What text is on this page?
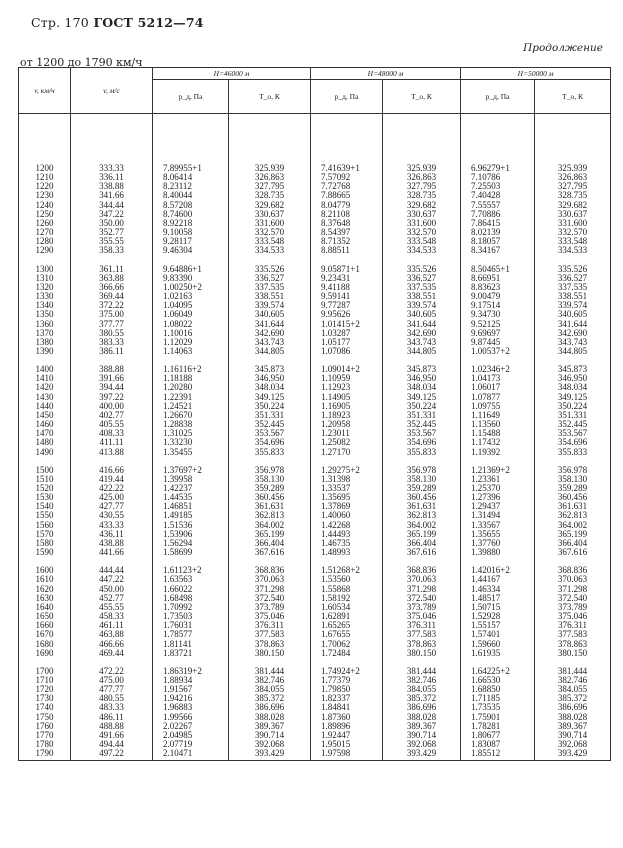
Стр. 170 ГОСТ 5212—74
Продолжение
от 1200 до 1790 км/ч
v, км/ч	v, м/с	H=46000 м		H=48000 м		H=50000 м	
		p_д, Па	T_о, К	p_д, Па	T_о, К	p_д, Па	T_о, К
1200	333.33	7.89955+1	325.939	7.41639+1	325.939	6.96279+1	325.939
1210	336.11	8.06414	326.863	7.57092	326.863	7.10786	326.863
1220	338.88	8.23112	327.795	7.72768	327.795	7.25503	327.795
1230	341.66	8.40044	328.735	7.88665	328.735	7.40428	328.735
1240	344.44	8.57208	329.682	8.04779	329.682	7.55557	329.682
1250	347.22	8.74600	330.637	8.21108	330.637	7.70886	330.637
1260	350.00	8.92218	331.600	8.37648	331.600	7.86415	331.600
1270	352.77	9.10058	332.570	8.54397	332.570	8.02139	332.570
1280	355.55	9.28117	333.548	8.71352	333.548	8.18057	333.548
1290	358.33	9.46304	334.533	8.88511	334.533	8.34167	334.533
1300	361.11	9.64886+1	335.526	9.05871+1	335.526	8.50465+1	335.526
1310	363.88	9.83390	336.527	9.23431	336.527	8.66951	336.527
1320	366.66	1.00250+2	337.535	9.41188	337.535	8.83623	337.535
1330	369.44	1.02163	338.551	9.59141	338.551	9.00479	338.551
1340	372.22	1.04095	339.574	9.77287	339.574	9.17514	339.574
1350	375.00	1.06049	340.605	9.95626	340.605	9.34730	340.605
1360	377.77	1.08022	341.644	1.01415+2	341.644	9.52125	341.644
1370	380.55	1.10016	342.690	1.03287	342.690	9.69697	342.690
1380	383.33	1.12029	343.743	1.05177	343.743	9.87445	343.743
1390	386.11	1.14063	344.805	1.07086	344.805	1.00537+2	344.805
1400	388.88	1.16116+2	345.873	1.09014+2	345.873	1.02346+2	345.873
1410	391.66	1.18188	346.950	1.10959	346.950	1.04173	346.950
1420	394.44	1.20280	348.034	1.12923	348.034	1.06017	348.034
1430	397.22	1.22391	349.125	1.14905	349.125	1.07877	349.125
1440	400.00	1.24521	350.224	1.16905	350.224	1.09755	350.224
1450	402.77	1.26670	351.331	1.18923	351.331	1.11649	351.331
1460	405.55	1.28838	352.445	1.20958	352.445	1.13560	352.445
1470	408.33	1.31025	353.567	1.23011	353.567	1.15488	353.567
1480	411.11	1.33230	354.696	1.25082	354.696	1.17432	354.696
1490	413.88	1.35455	355.833	1.27170	355.833	1.19392	355.833
1500	416.66	1.37697+2	356.978	1.29275+2	356.978	1.21369+2	356.978
1510	419.44	1.39958	358.130	1.31398	358.130	1.23361	358.130
1520	422.22	1.42237	359.289	1.33537	359.289	1.25370	359.289
1530	425.00	1.44535	360.456	1.35695	360.456	1.27396	360.456
1540	427.77	1.46851	361.631	1.37869	361.631	1.29437	361.631
1550	430.55	1.49185	362.813	1.40060	362.813	1.31494	362.813
1560	433.33	1.51536	364.002	1.42268	364.002	1.33567	364.002
1570	436.11	1.53906	365.199	1.44493	365.199	1.35655	365.199
1580	438.88	1.56294	366.404	1.46735	366.404	1.37760	366.404
1590	441.66	1.58699	367.616	1.48993	367.616	1.39880	367.616
1600	444.44	1.61123+2	368.836	1.51268+2	368.836	1.42016+2	368.836
1610	447.22	1.63563	370.063	1.53560	370.063	1.44167	370.063
1620	450.00	1.66022	371.298	1.55868	371.298	1.46334	371.298
1630	452.77	1.68498	372.540	1.58192	372.540	1.48517	372.540
1640	455.55	1.70992	373.789	1.60534	373.789	1.50715	373.789
1650	458.33	1.73503	375.046	1.62891	375.046	1.52928	375.046
1660	461.11	1.76031	376.311	1.65265	376.311	1.55157	376.311
1670	463.88	1.78577	377.583	1.67655	377.583	1.57401	377.583
1680	466.66	1.81141	378.863	1.70062	378.863	1.59660	378.863
1690	469.44	1.83721	380.150	1.72484	380.150	1.61935	380.150
1700	472.22	1.86319+2	381.444	1.74924+2	381.444	1.64225+2	381.444
1710	475.00	1.88934	382.746	1.77379	382.746	1.66530	382.746
1720	477.77	1.91567	384.055	1.79850	384.055	1.68850	384.055
1730	480.55	1.94216	385.372	1.82337	385.372	1.71185	385.372
1740	483.33	1.96883	386.696	1.84841	386.696	1.73535	386.696
1750	486.11	1.99566	388.028	1.87360	388.028	1.75901	388.028
1760	488.88	2.02267	389.367	1.89896	389.367	1.78281	389.367
1770	491.66	2.04985	390.714	1.92447	390.714	1.80677	390.714
1780	494.44	2.07719	392.068	1.95015	392.068	1.83087	392.068
1790	497.22	2.10471	393.429	1.97598	393.429	1.85512	393.429
